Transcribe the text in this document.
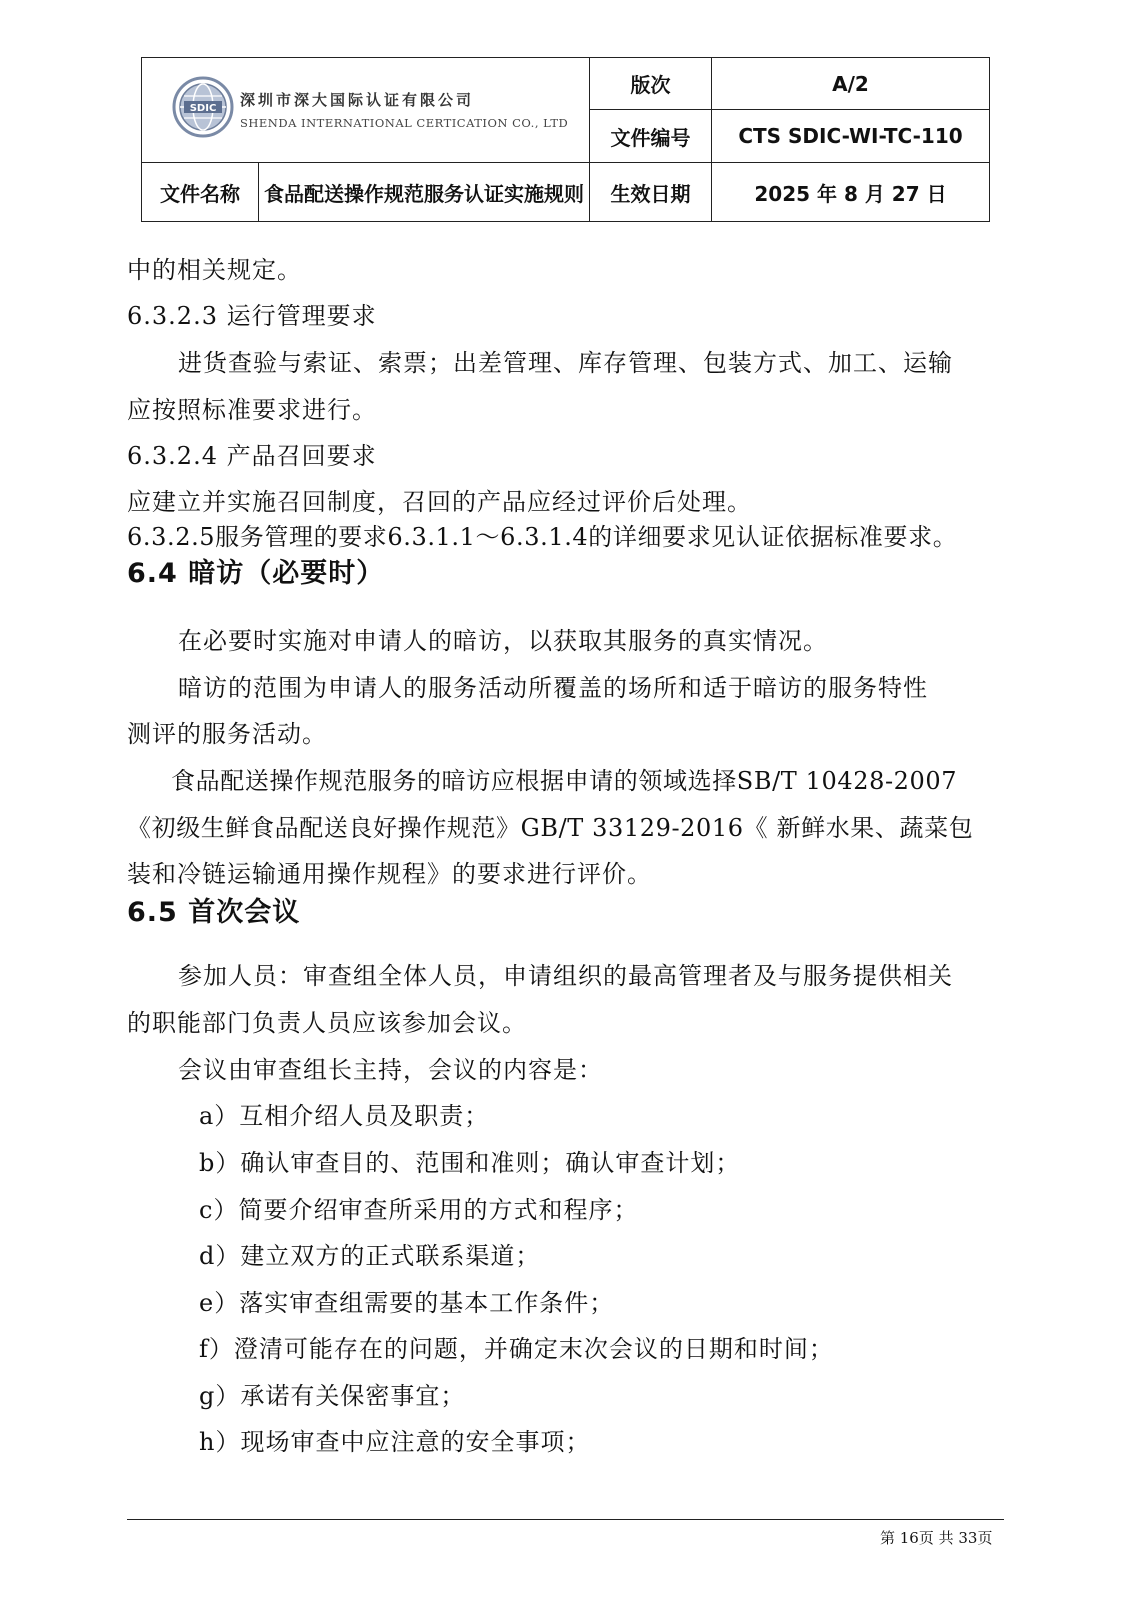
SDIC 深圳市深大国际认证有限公司
SHENDA INTERNATIONAL CERTICATION CO., LTD		版次	A/2
		文件编号	CTS SDIC-WI-TC-110
文件名称	食品配送操作规范服务认证实施规则	生效日期	2025 年 8 月 27 日
中的相关规定。
6.3.2.3 运行管理要求
进货查验与索证、索票；出差管理、库存管理、包装方式、加工、运输
应按照标准要求进行。
6.3.2.4 产品召回要求
应建立并实施召回制度，召回的产品应经过评价后处理。
6.3.2.5服务管理的要求6.3.1.1～6.3.1.4的详细要求见认证依据标准要求。
6.4 暗访（必要时）
在必要时实施对申请人的暗访，以获取其服务的真实情况。
暗访的范围为申请人的服务活动所覆盖的场所和适于暗访的服务特性
测评的服务活动。
食品配送操作规范服务的暗访应根据申请的领域选择SB/T 10428-2007
《初级生鲜食品配送良好操作规范》GB/T 33129-2016《 新鲜水果、蔬菜包
装和冷链运输通用操作规程》的要求进行评价。
6.5 首次会议
参加人员：审查组全体人员，申请组织的最高管理者及与服务提供相关
的职能部门负责人员应该参加会议。
会议由审查组长主持，会议的内容是：
a）互相介绍人员及职责；
b）确认审查目的、范围和准则；确认审查计划；
c）简要介绍审查所采用的方式和程序；
d）建立双方的正式联系渠道；
e）落实审查组需要的基本工作条件；
f）澄清可能存在的问题，并确定末次会议的日期和时间；
g）承诺有关保密事宜；
h）现场审查中应注意的安全事项；
第 16页 共 33页
